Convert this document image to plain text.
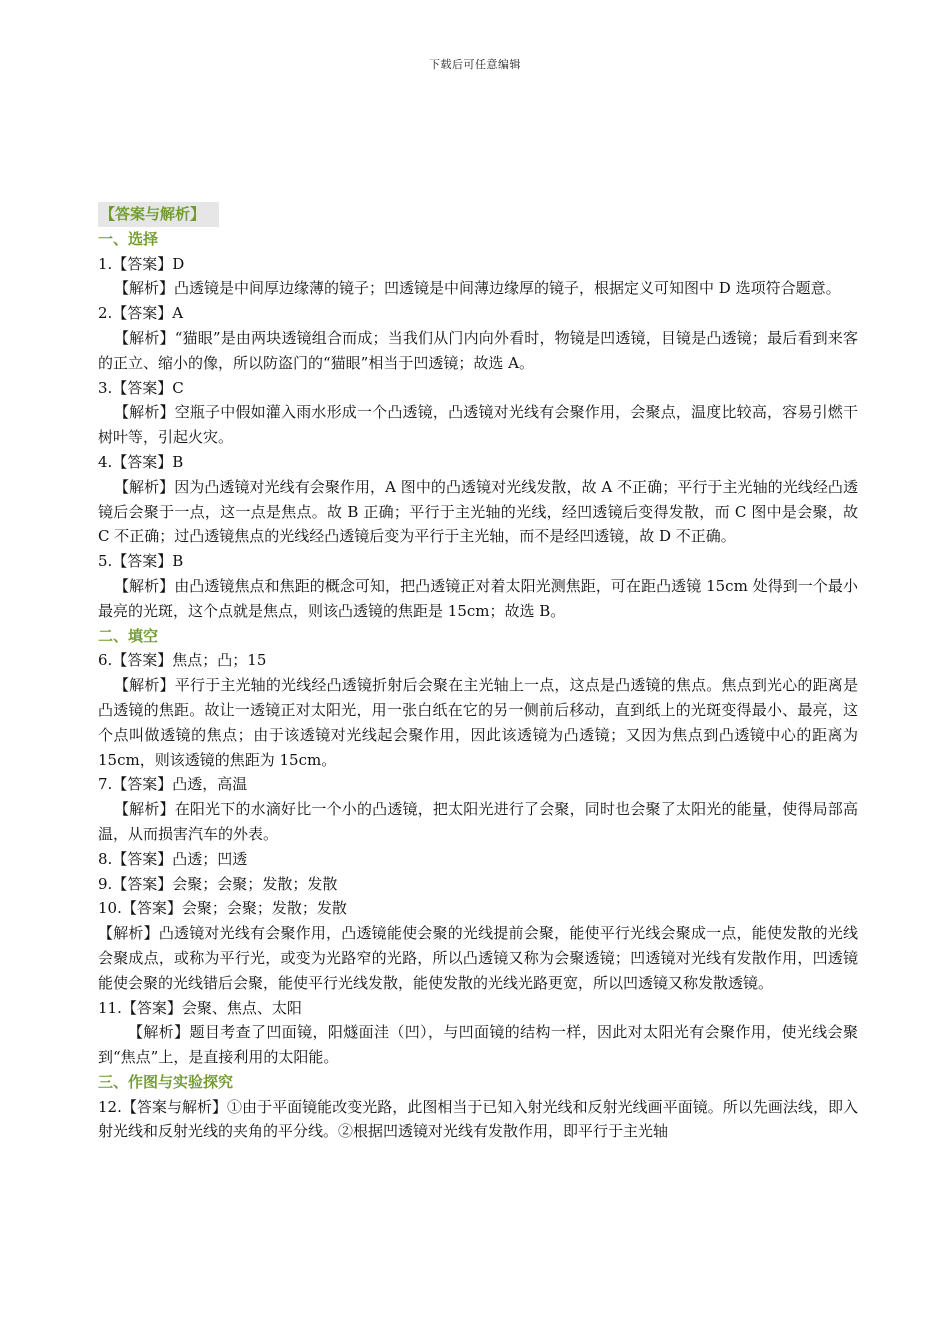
下载后可任意编辑
【答案与解析】
一、选择
1.【答案】D
【解析】凸透镜是中间厚边缘薄的镜子；凹透镜是中间薄边缘厚的镜子，根据定义可知图中 D 选项符合题意。
2.【答案】A
【解析】“猫眼”是由两块透镜组合而成；当我们从门内向外看时，物镜是凹透镜，目镜是凸透镜；最后看到来客的正立、缩小的像，所以防盗门的“猫眼”相当于凹透镜；故选 A。
3.【答案】C
【解析】空瓶子中假如灌入雨水形成一个凸透镜，凸透镜对光线有会聚作用，会聚点，温度比较高，容易引燃干树叶等，引起火灾。
4.【答案】B
【解析】因为凸透镜对光线有会聚作用，A 图中的凸透镜对光线发散，故 A 不正确；平行于主光轴的光线经凸透镜后会聚于一点，这一点是焦点。故 B 正确；平行于主光轴的光线，经凹透镜后变得发散，而 C 图中是会聚，故 C 不正确；过凸透镜焦点的光线经凸透镜后变为平行于主光轴，而不是经凹透镜，故 D 不正确。
5.【答案】B
【解析】由凸透镜焦点和焦距的概念可知，把凸透镜正对着太阳光测焦距，可在距凸透镜 15cm 处得到一个最小最亮的光斑，这个点就是焦点，则该凸透镜的焦距是 15cm；故选 B。
二、填空
6.【答案】焦点；凸；15
【解析】平行于主光轴的光线经凸透镜折射后会聚在主光轴上一点，这点是凸透镜的焦点。焦点到光心的距离是凸透镜的焦距。故让一透镜正对太阳光，用一张白纸在它的另一侧前后移动，直到纸上的光斑变得最小、最亮，这个点叫做透镜的焦点；由于该透镜对光线起会聚作用，因此该透镜为凸透镜；又因为焦点到凸透镜中心的距离为 15cm，则该透镜的焦距为 15cm。
7.【答案】凸透，高温
【解析】在阳光下的水滴好比一个小的凸透镜，把太阳光进行了会聚，同时也会聚了太阳光的能量，使得局部高温，从而损害汽车的外表。
8.【答案】凸透；凹透
9.【答案】会聚；会聚；发散；发散
10.【答案】会聚；会聚；发散；发散
【解析】凸透镜对光线有会聚作用，凸透镜能使会聚的光线提前会聚，能使平行光线会聚成一点，能使发散的光线会聚成点，或称为平行光，或变为光路窄的光路，所以凸透镜又称为会聚透镜；凹透镜对光线有发散作用，凹透镜能使会聚的光线错后会聚，能使平行光线发散，能使发散的光线光路更宽，所以凹透镜又称发散透镜。
11.【答案】会聚、焦点、太阳
【解析】题目考查了凹面镜，阳燧面洼（凹），与凹面镜的结构一样，因此对太阳光有会聚作用，使光线会聚到“焦点”上，是直接利用的太阳能。
三、作图与实验探究
12.【答案与解析】①由于平面镜能改变光路，此图相当于已知入射光线和反射光线画平面镜。所以先画法线，即入射光线和反射光线的夹角的平分线。②根据凹透镜对光线有发散作用，即平行于主光轴
